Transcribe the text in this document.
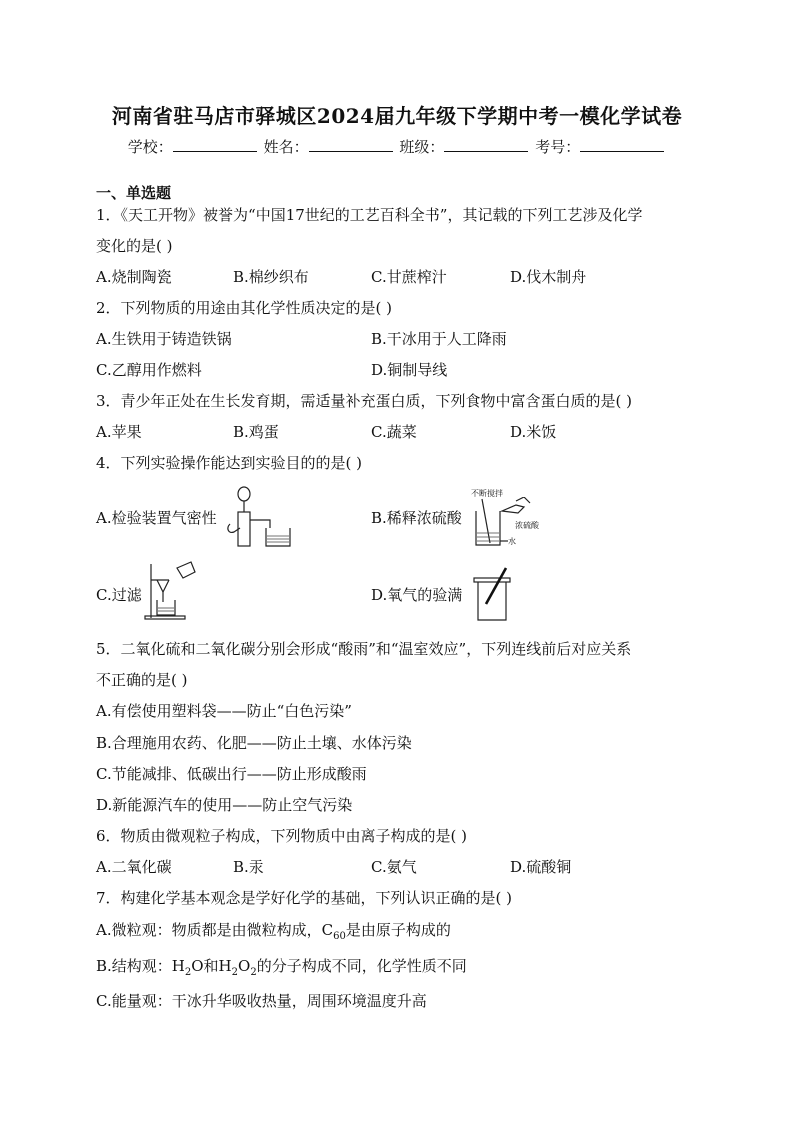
河南省驻马店市驿城区2024届九年级下学期中考一模化学试卷
学校：	姓名：	班级：	考号：
一、单选题
1．《天工开物》被誉为“中国17世纪的工艺百科全书”，其记载的下列工艺涉及化学
变化的是( )
A.烧制陶瓷	B.棉纱织布	C.甘蔗榨汁	D.伐木制舟
2．下列物质的用途由其化学性质决定的是( )
A.生铁用于铸造铁锅	B.干冰用于人工降雨
C.乙醇用作燃料	D.铜制导线
3．青少年正处在生长发育期，需适量补充蛋白质，下列食物中富含蛋白质的是( )
A.苹果	B.鸡蛋	C.蔬菜	D.米饭
4．下列实验操作能达到实验目的的是( )
A.检验装置气密性	B.稀释浓硫酸
C.过滤	D.氧气的验满
不断搅拌
浓硫酸
水
5．二氧化硫和二氧化碳分别会形成“酸雨”和“温室效应”，下列连线前后对应关系
不正确的是( )
A.有偿使用塑料袋——防止“白色污染”
B.合理施用农药、化肥——防止土壤、水体污染
C.节能减排、低碳出行——防止形成酸雨
D.新能源汽车的使用——防止空气污染
6．物质由微观粒子构成，下列物质中由离子构成的是( )
A.二氧化碳	B.汞	C.氨气	D.硫酸铜
7．构建化学基本观念是学好化学的基础，下列认识正确的是( )
A.微粒观：物质都是由微粒构成，$C_{60}$是由原子构成的
B.结构观：$H_2O$和$H_2O_2$的分子构成不同，化学性质不同
C.能量观：干冰升华吸收热量，周围环境温度升高
